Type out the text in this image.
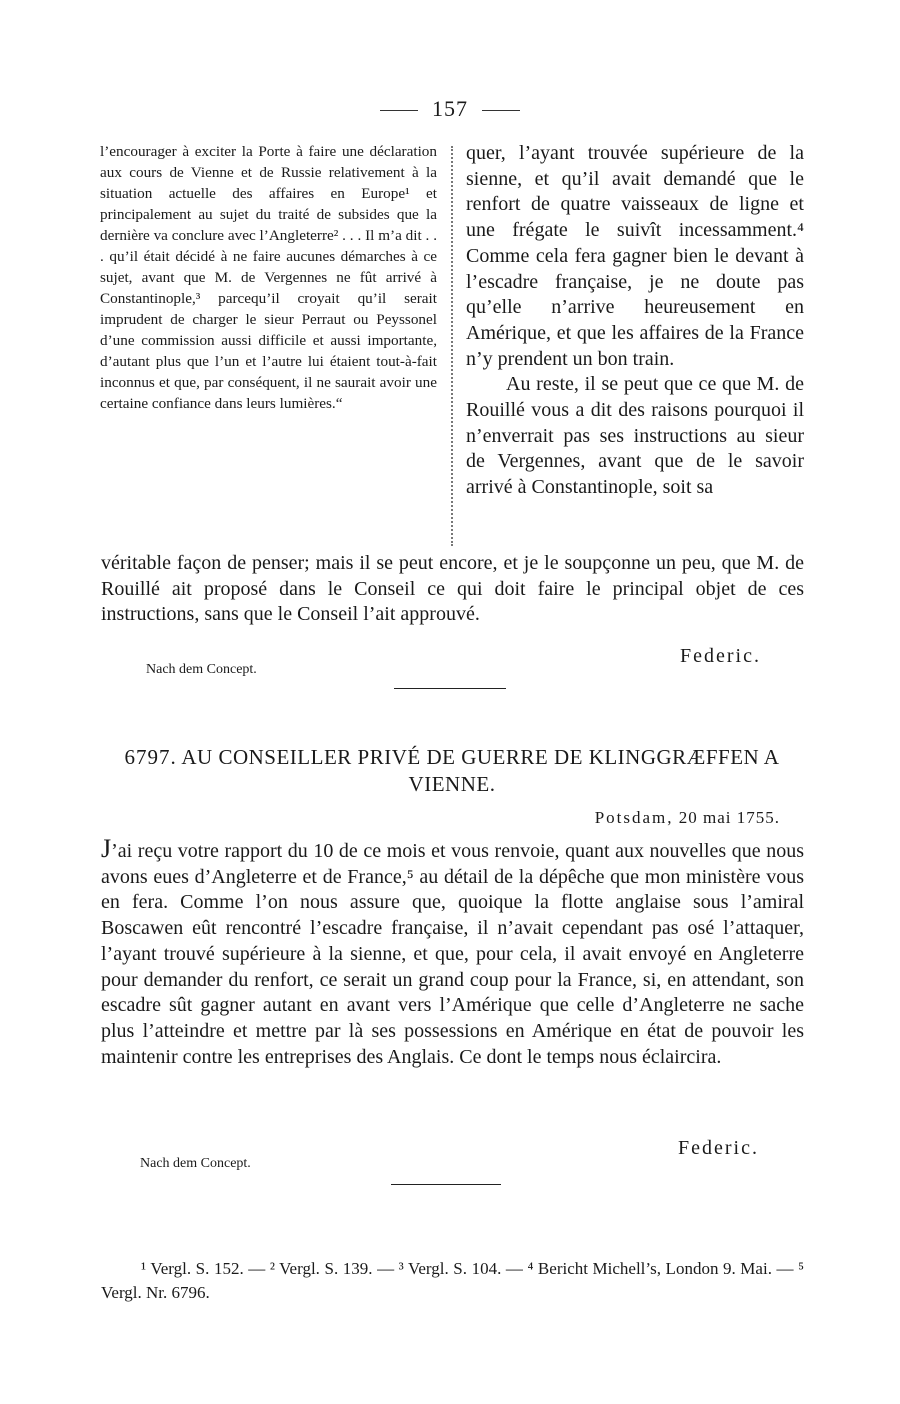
157

l’encourager à exciter la Porte à faire une déclaration aux cours de Vienne et de Russie relativement à la situation actuelle des affaires en Europe¹ et principalement au sujet du traité de subsides que la dernière va conclure avec l’Angleterre² . . . Il m’a dit . . . qu’il était décidé à ne faire aucunes démarches à ce sujet, avant que M. de Vergennes ne fût arrivé à Constantinople,³ parcequ’il croyait qu’il serait imprudent de charger le sieur Perraut ou Peyssonel d’une commission aussi difficile et aussi importante, d’autant plus que l’un et l’autre lui étaient tout-à-fait inconnus et que, par conséquent, il ne saurait avoir une certaine confiance dans leurs lumières.“

quer, l’ayant trouvée supérieure de la sienne, et qu’il avait demandé que le renfort de quatre vaisseaux de ligne et une frégate le suivît incessamment.⁴ Comme cela fera gagner bien le devant à l’escadre française, je ne doute pas qu’elle n’arrive heureusement en Amérique, et que les affaires de la France n’y prendent un bon train.

Au reste, il se peut que ce que M. de Rouillé vous a dit des raisons pourquoi il n’enverrait pas ses instructions au sieur de Vergennes, avant que de le savoir arrivé à Constantinople, soit sa

véritable façon de penser; mais il se peut encore, et je le soupçonne un peu, que M. de Rouillé ait proposé dans le Conseil ce qui doit faire le principal objet de ces instructions, sans que le Conseil l’ait approuvé.

Federic.
Nach dem Concept.
6797. AU CONSEILLER PRIVÉ DE GUERRE DE KLINGGRÆFFEN A VIENNE.
Potsdam, 20 mai 1755.

J’ai reçu votre rapport du 10 de ce mois et vous renvoie, quant aux nouvelles que nous avons eues d’Angleterre et de France,⁵ au détail de la dépêche que mon ministère vous en fera. Comme l’on nous assure que, quoique la flotte anglaise sous l’amiral Boscawen eût rencontré l’escadre française, il n’avait cependant pas osé l’attaquer, l’ayant trouvé supérieure à la sienne, et que, pour cela, il avait envoyé en Angleterre pour demander du renfort, ce serait un grand coup pour la France, si, en attendant, son escadre sût gagner autant en avant vers l’Amérique que celle d’Angleterre ne sache plus l’atteindre et mettre par là ses possessions en Amérique en état de pouvoir les maintenir contre les entreprises des Anglais. Ce dont le temps nous éclaircira.

Federic.
Nach dem Concept.

¹ Vergl. S. 152. — ² Vergl. S. 139. — ³ Vergl. S. 104. — ⁴ Bericht Michell’s, London 9. Mai. — ⁵ Vergl. Nr. 6796.
